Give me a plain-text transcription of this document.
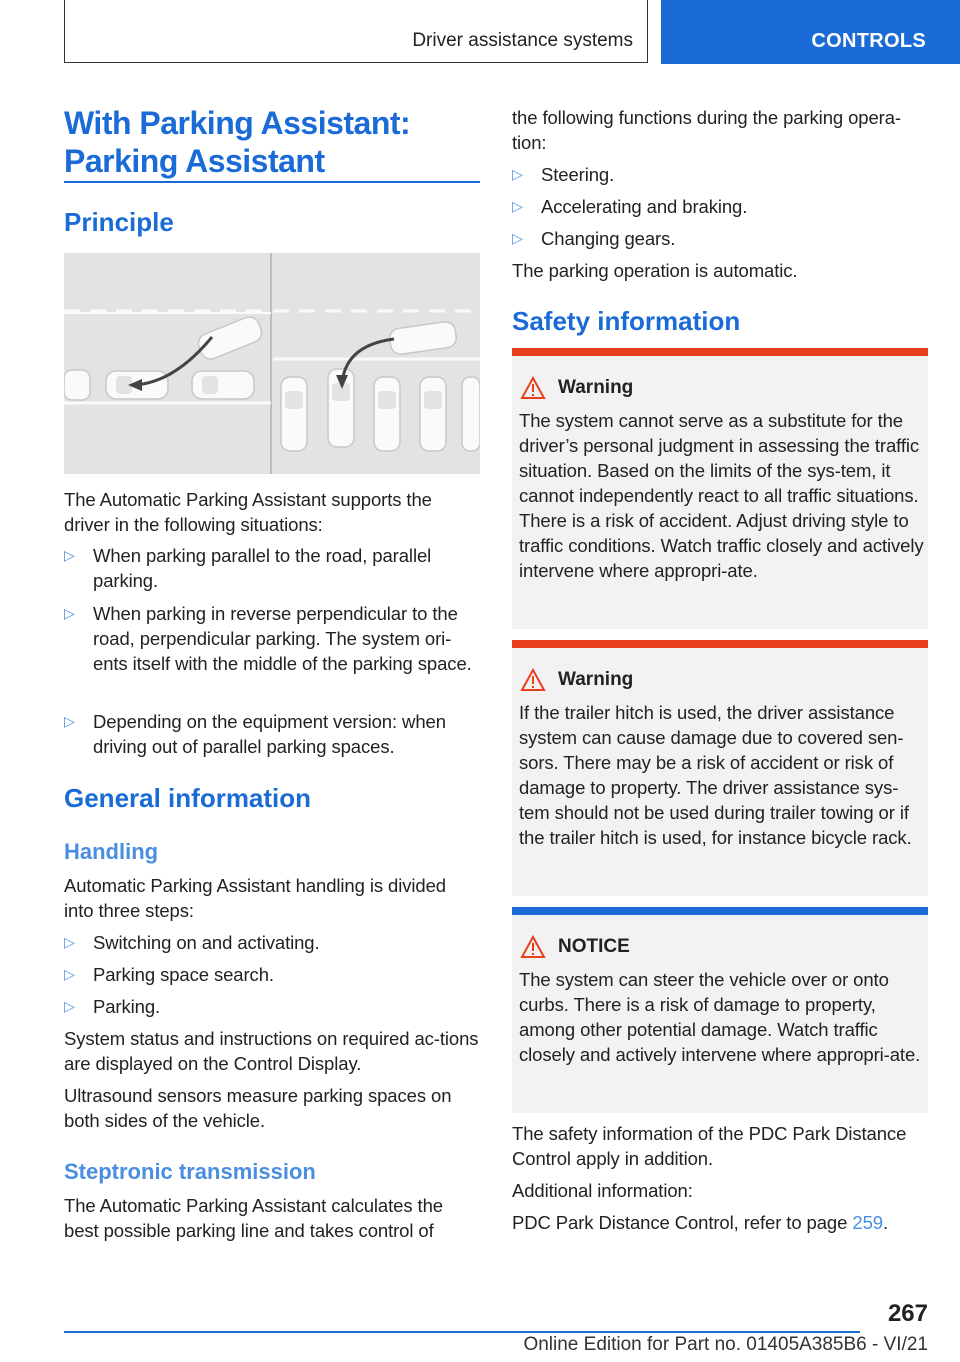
Driver assistance systems	CONTROLS
With Parking Assistant: Parking Assistant
Principle
The Automatic Parking Assistant supports the driver in the following situations:
▷ When parking parallel to the road, parallel parking.
▷ When parking in reverse perpendicular to the road, perpendicular parking. The system ori-ents itself with the middle of the parking space.
▷ Depending on the equipment version: when driving out of parallel parking spaces.
General information
Handling
Automatic Parking Assistant handling is divided into three steps:
▷ Switching on and activating.
▷ Parking space search.
▷ Parking.
System status and instructions on required ac-tions are displayed on the Control Display.
Ultrasound sensors measure parking spaces on both sides of the vehicle.
Steptronic transmission
The Automatic Parking Assistant calculates the best possible parking line and takes control of
the following functions during the parking opera-tion:
▷ Steering.
▷ Accelerating and braking.
▷ Changing gears.
The parking operation is automatic.
Safety information
Warning
The system cannot serve as a substitute for the driver’s personal judgment in assessing the traffic situation. Based on the limits of the sys-tem, it cannot independently react to all traffic situations. There is a risk of accident. Adjust driving style to traffic conditions. Watch traffic closely and actively intervene where appropri-ate.
Warning
If the trailer hitch is used, the driver assistance system can cause damage due to covered sen-sors. There may be a risk of accident or risk of damage to property. The driver assistance sys-tem should not be used during trailer towing or if the trailer hitch is used, for instance bicycle rack.
NOTICE
The system can steer the vehicle over or onto curbs. There is a risk of damage to property, among other potential damage. Watch traffic closely and actively intervene where appropri-ate.
The safety information of the PDC Park Distance Control apply in addition.
Additional information:
PDC Park Distance Control, refer to page 259.
267
Online Edition for Part no. 01405A385B6 - VI/21
